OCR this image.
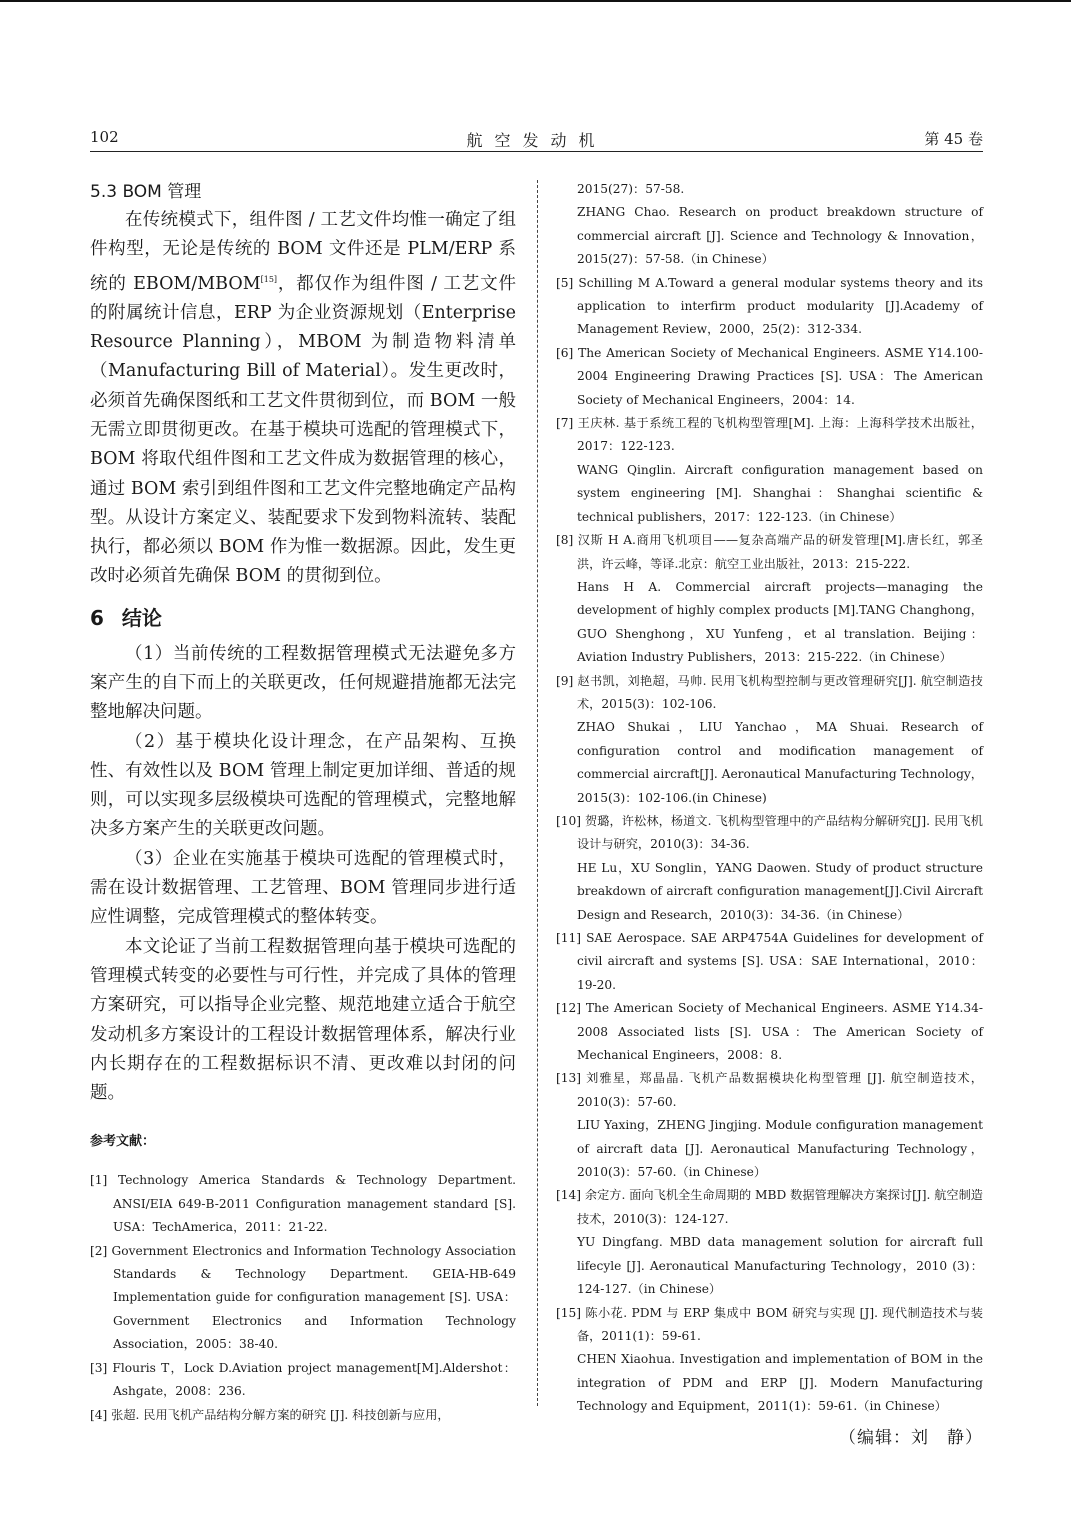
102	航空发动机	第 45 卷
5.3 BOM 管理

在传统模式下，组件图 / 工艺文件均惟一确定了组件构型，无论是传统的 BOM 文件还是 PLM/ERP 系统的 EBOM/MBOM[15]，都仅作为组件图 / 工艺文件的附属统计信息，ERP 为企业资源规划（Enterprise Resource Planning），MBOM 为制造物料清单（Manufacturing Bill of Material）。发生更改时，必须首先确保图纸和工艺文件贯彻到位，而 BOM 一般无需立即贯彻更改。在基于模块可选配的管理模式下，BOM 将取代组件图和工艺文件成为数据管理的核心，通过 BOM 索引到组件图和工艺文件完整地确定产品构型。从设计方案定义、装配要求下发到物料流转、装配执行，都必须以 BOM 作为惟一数据源。因此，发生更改时必须首先确保 BOM 的贯彻到位。

6 结论

（1）当前传统的工程数据管理模式无法避免多方案产生的自下而上的关联更改，任何规避措施都无法完整地解决问题。

（2）基于模块化设计理念，在产品架构、互换性、有效性以及 BOM 管理上制定更加详细、普适的规则，可以实现多层级模块可选配的管理模式，完整地解决多方案产生的关联更改问题。

（3）企业在实施基于模块可选配的管理模式时，需在设计数据管理、工艺管理、BOM 管理同步进行适应性调整，完成管理模式的整体转变。

本文论证了当前工程数据管理向基于模块可选配的管理模式转变的必要性与可行性，并完成了具体的管理方案研究，可以指导企业完整、规范地建立适合于航空发动机多方案设计的工程设计数据管理体系，解决行业内长期存在的工程数据标识不清、更改难以封闭的问题。

参考文献：

[1] Technology America Standards & Technology Department. ANSI/EIA 649-B-2011 Configuration management standard [S]. USA：TechAmerica，2011：21-22.

[2] Government Electronics and Information Technology Association Standards & Technology Department. GEIA-HB-649 Implementation guide for configuration management [S]. USA：Government Electronics and Information Technology Association，2005：38-40.

[3] Flouris T，Lock D.Aviation project management[M].Aldershot：Ashgate，2008：236.

[4] 张超. 民用飞机产品结构分解方案的研究 [J]. 科技创新与应用，

2015(27)：57-58.

ZHANG Chao. Research on product breakdown structure of commercial aircraft [J]. Science and Technology & Innovation，2015(27)：57-58.（in Chinese）

[5] Schilling M A.Toward a general modular systems theory and its application to interfirm product modularity [J].Academy of Management Review，2000，25(2)：312-334.

[6] The American Society of Mechanical Engineers. ASME Y14.100-2004 Engineering Drawing Practices [S]. USA：The American Society of Mechanical Engineers，2004：14.

[7] 王庆林. 基于系统工程的飞机构型管理[M]. 上海：上海科学技术出版社，2017：122-123.
WANG Qinglin. Aircraft configuration management based on system engineering [M]. Shanghai：Shanghai scientific & technical publishers，2017：122-123.（in Chinese）

[8] 汉斯 H A.商用飞机项目——复杂高端产品的研发管理[M].唐长红，郭圣洪，许云峰，等译.北京：航空工业出版社，2013：215-222.
Hans H A. Commercial aircraft projects—managing the development of highly complex products [M].TANG Changhong，GUO Shenghong，XU Yunfeng，et al translation. Beijing：Aviation Industry Publishers，2013：215-222.（in Chinese）

[9] 赵书凯，刘艳超，马帅. 民用飞机构型控制与更改管理研究[J]. 航空制造技术，2015(3)：102-106.
ZHAO Shukai，LIU Yanchao，MA Shuai. Research of configuration control and modification management of commercial aircraft[J]. Aeronautical Manufacturing Technology，2015(3)：102-106.(in Chinese)

[10] 贺璐，许松林，杨道文. 飞机构型管理中的产品结构分解研究[J]. 民用飞机设计与研究，2010(3)：34-36.
HE Lu，XU Songlin，YANG Daowen. Study of product structure breakdown of aircraft configuration management[J].Civil Aircraft Design and Research，2010(3)：34-36.（in Chinese）

[11] SAE Aerospace. SAE ARP4754A Guidelines for development of civil aircraft and systems [S]. USA：SAE International，2010：19-20.

[12] The American Society of Mechanical Engineers. ASME Y14.34-2008 Associated lists [S]. USA：The American Society of Mechanical Engineers，2008：8.

[13] 刘雅星，郑晶晶. 飞机产品数据模块化构型管理 [J]. 航空制造技术，2010(3)：57-60.
LIU Yaxing，ZHENG Jingjing. Module configuration management of aircraft data [J]. Aeronautical Manufacturing Technology，2010(3)：57-60.（in Chinese）

[14] 余定方. 面向飞机全生命周期的 MBD 数据管理解决方案探讨[J]. 航空制造技术，2010(3)：124-127.
YU Dingfang. MBD data management solution for aircraft full lifecyle [J]. Aeronautical Manufacturing Technology，2010 (3)：124-127.（in Chinese）

[15] 陈小花. PDM 与 ERP 集成中 BOM 研究与实现 [J]. 现代制造技术与装备，2011(1)：59-61.
CHEN Xiaohua. Investigation and implementation of BOM in the integration of PDM and ERP [J]. Modern Manufacturing Technology and Equipment，2011(1)：59-61.（in Chinese）

（编辑：刘　静）
